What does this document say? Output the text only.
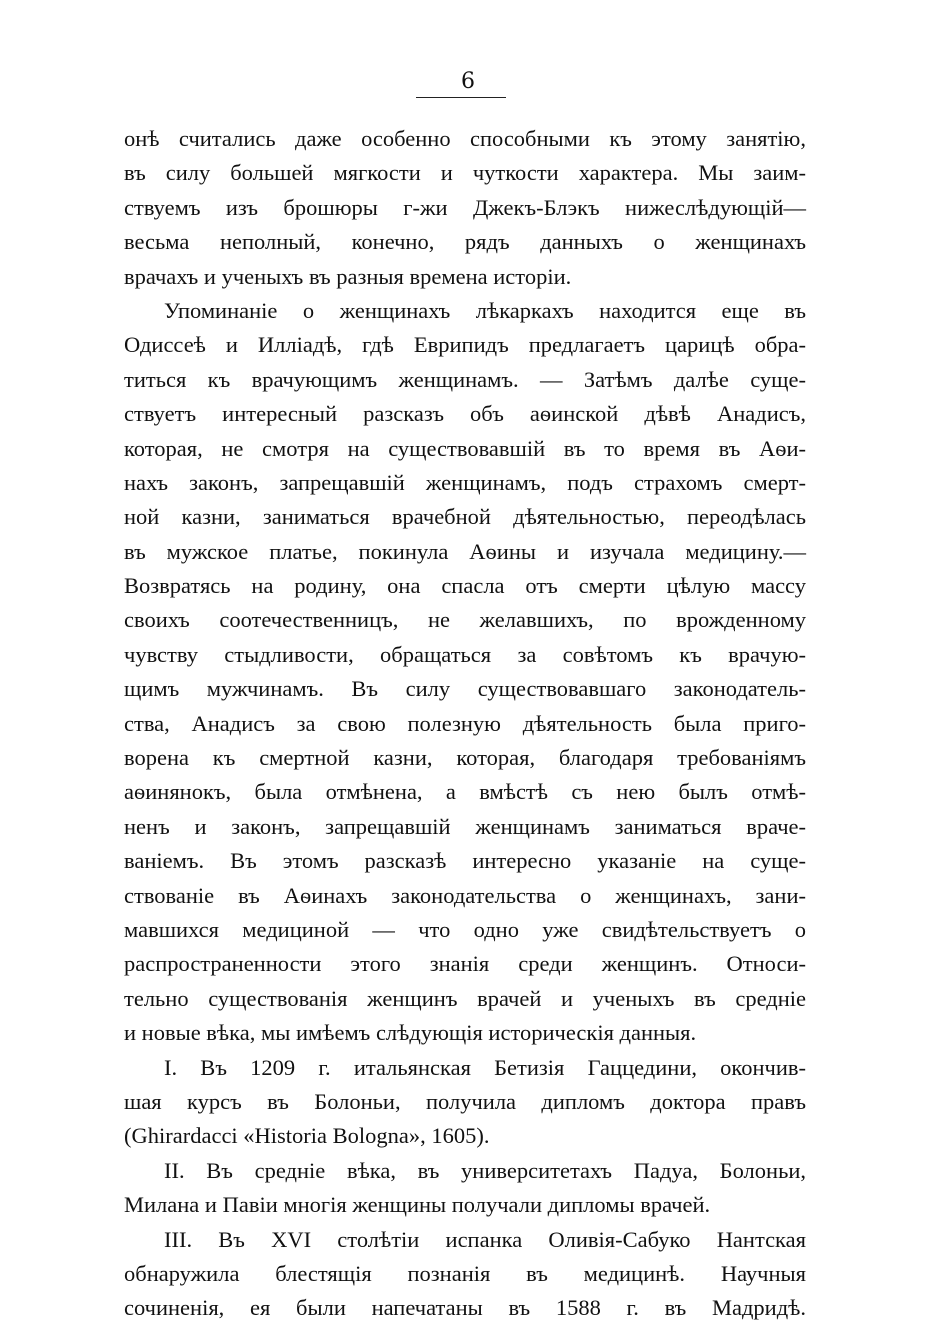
6
онѣ считались даже особенно способными къ этому занятію,
въ силу большей мягкости и чуткости характера. Мы заим-
ствуемъ изъ брошюры г-жи Джекъ-Блэкъ нижеслѣдующій—
весьма неполный, конечно, рядъ данныхъ о женщинахъ
врачахъ и ученыхъ въ разныя времена исторіи.
Упоминаніе о женщинахъ лѣкаркахъ находится еще въ
Одиссеѣ и Илліадѣ, гдѣ Еврипидъ предлагаетъ царицѣ обра-
титься къ врачующимъ женщинамъ. — Затѣмъ далѣе суще-
ствуетъ интересный разсказъ объ аѳинской дѣвѣ Анадисъ,
которая, не смотря на существовавшій въ то время въ Аѳи-
нахъ законъ, запрещавшій женщинамъ, подъ страхомъ смерт-
ной казни, заниматься врачебной дѣятельностью, переодѣлась
въ мужское платье, покинула Аѳины и изучала медицину.—
Возвратясь на родину, она спасла отъ смерти цѣлую массу
своихъ соотечественницъ, не желавшихъ, по врожденному
чувству стыдливости, обращаться за совѣтомъ къ врачую-
щимъ мужчинамъ. Въ силу существовавшаго законодатель-
ства, Анадисъ за свою полезную дѣятельность была приго-
ворена къ смертной казни, которая, благодаря требованіямъ
аѳинянокъ, была отмѣнена, а вмѣстѣ съ нею былъ отмѣ-
ненъ и законъ, запрещавшій женщинамъ заниматься враче-
ваніемъ. Въ этомъ разсказѣ интересно указаніе на суще-
ствованіе въ Аѳинахъ законодательства о женщинахъ, зани-
мавшихся медициной — что одно уже свидѣтельствуетъ о
распространенности этого знанія среди женщинъ. Относи-
тельно существованія женщинъ врачей и ученыхъ въ средніе
и новые вѣка, мы имѣемъ слѣдующія историческія данныя.
I. Въ 1209 г. итальянская Бетизія Гаццедини, окончив-
шая курсъ въ Болоньи, получила дипломъ доктора правъ
(Ghirardacci «Historia Bologna», 1605).
II. Въ средніе вѣка, въ университетахъ Падуа, Болоньи,
Милана и Павіи многія женщины получали дипломы врачей.
III. Въ XVI столѣтіи испанка Оливія-Сабуко Нантская
обнаружила блестящія познанія въ медицинѣ. Научныя
сочиненія, ея были напечатаны въ 1588 г. въ Мадридѣ.
